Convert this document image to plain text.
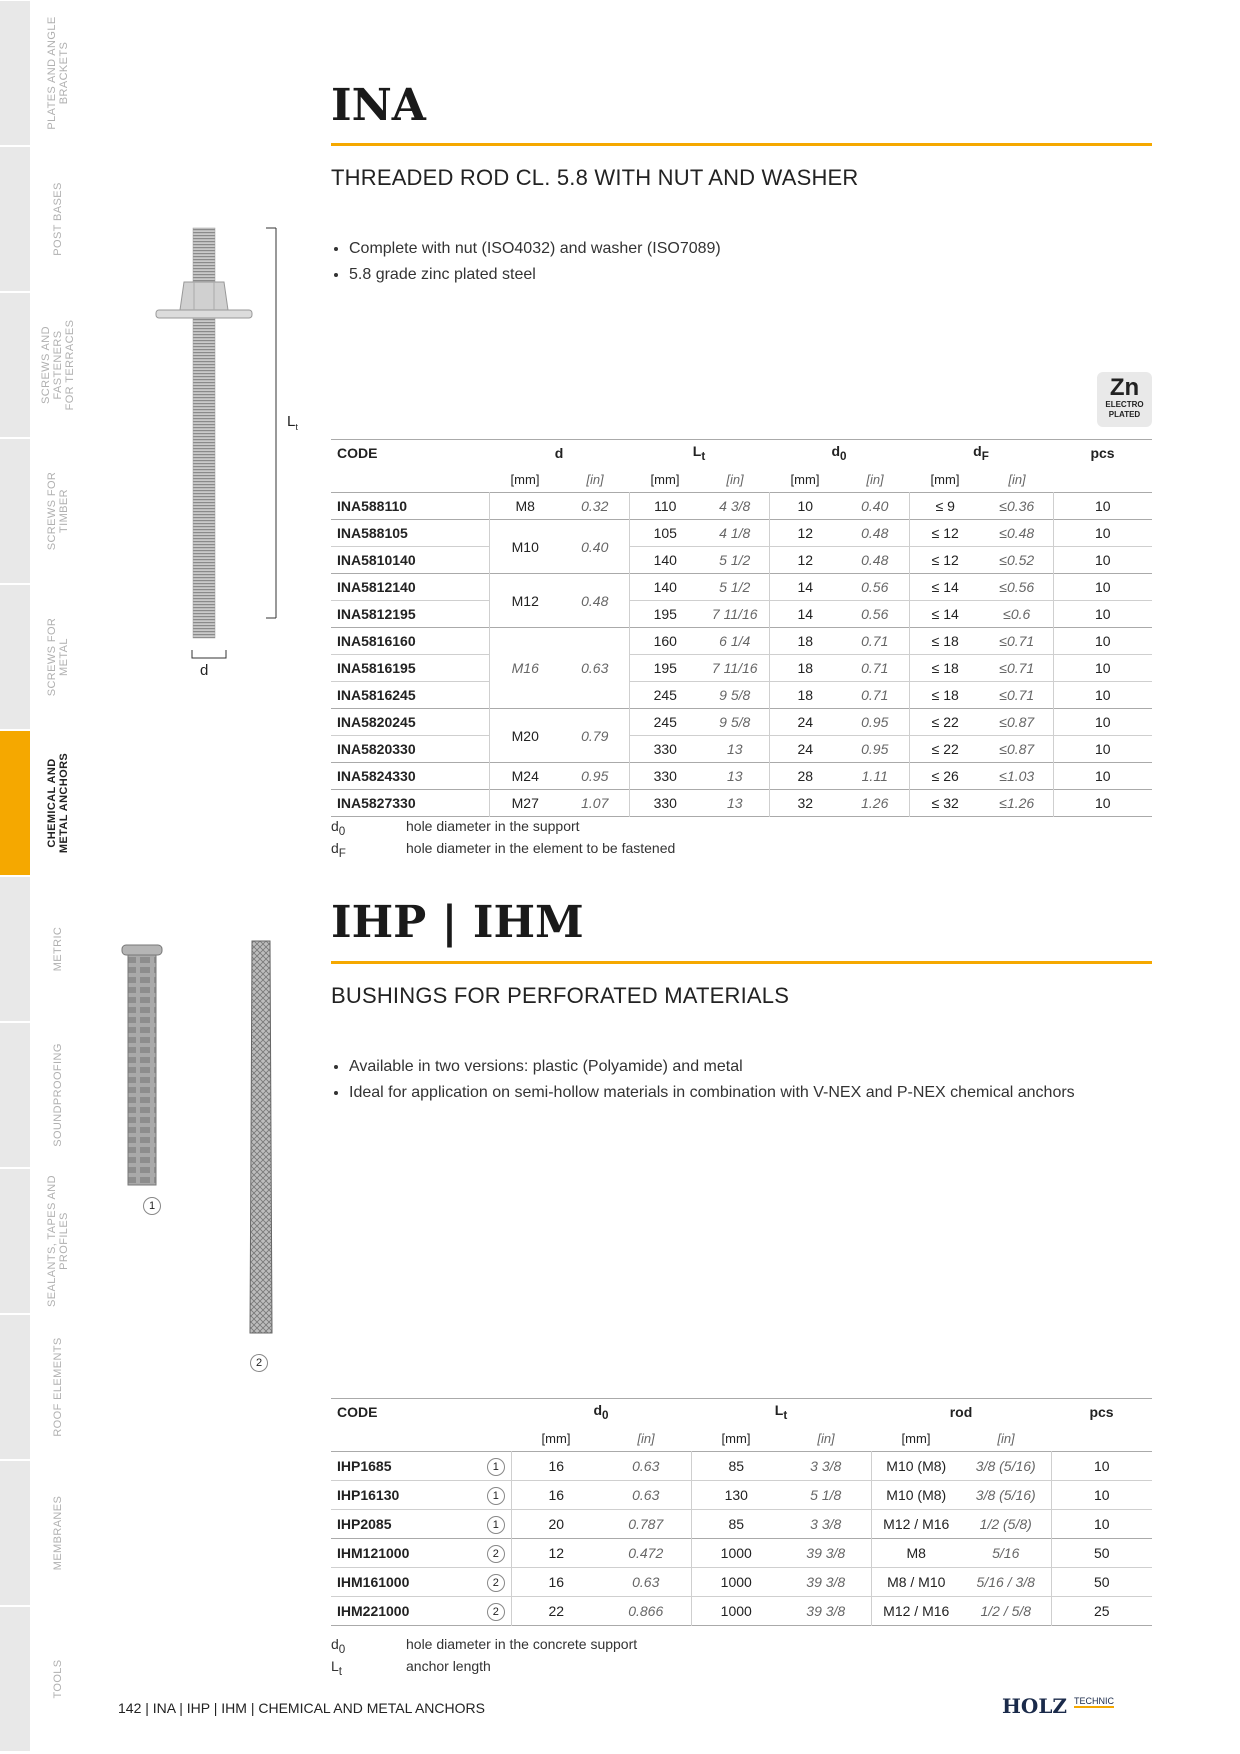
INA
THREADED ROD CL. 5.8 WITH NUT AND WASHER
• Complete with nut (ISO4032) and washer (ISO7089)
• 5.8 grade zinc plated steel
$L_t$
d
Zn
ELECTRO
PLATED
CODE	d		$L_t$		$d_0$		$d_F$		pcs
	[mm]	[in]	[mm]	[in]	[mm]	[in]	[mm]	[in]	
INA588110	M8	0.32	110	4 3/8	10	0.40	≤ 9	≤0.36	10
INA588105	M10	0.40	105	4 1/8	12	0.48	≤ 12	≤0.48	10
INA5810140			140	5 1/2	12	0.48	≤ 12	≤0.52	10
INA5812140	M12	0.48	140	5 1/2	14	0.56	≤ 14	≤0.56	10
INA5812195			195	7 11/16	14	0.56	≤ 14	≤0.6	10
INA5816160	M16	0.63	160	6 1/4	18	0.71	≤ 18	≤0.71	10
INA5816195			195	7 11/16	18	0.71	≤ 18	≤0.71	10
INA5816245			245	9 5/8	18	0.71	≤ 18	≤0.71	10
INA5820245	M20	0.79	245	9 5/8	24	0.95	≤ 22	≤0.87	10
INA5820330			330	13	24	0.95	≤ 22	≤0.87	10
INA5824330	M24	0.95	330	13	28	1.11	≤ 26	≤1.03	10
INA5827330	M27	1.07	330	13	32	1.26	≤ 32	≤1.26	10

$d_0$	hole diameter in the support
$d_F$	hole diameter in the element to be fastened
IHP | IHM
BUSHINGS FOR PERFORATED MATERIALS
• Available in two versions: plastic (Polyamide) and metal
• Ideal for application on semi-hollow materials in combination with V-NEX and P-NEX chemical anchors
1
2
CODE		$d_0$		$L_t$		rod		pcs
		[mm]	[in]	[mm]	[in]	[mm]	[in]	
IHP1685	1	16	0.63	85	3 3/8	M10 (M8)	3/8 (5/16)	10
IHP16130	1	16	0.63	130	5 1/8	M10 (M8)	3/8 (5/16)	10
IHP2085	1	20	0.787	85	3 3/8	M12 / M16	1/2 (5/8)	10
IHM121000	2	12	0.472	1000	39 3/8	M8	5/16	50
IHM161000	2	16	0.63	1000	39 3/8	M8 / M10	5/16 / 3/8	50
IHM221000	2	22	0.866	1000	39 3/8	M12 / M16	1/2 / 5/8	25

$d_0$	hole diameter in the concrete support
$L_t$	anchor length
142 | INA | IHP | IHM | CHEMICAL AND METAL ANCHORS	HOLZ $^{TECHNIC}$
PLATES AND ANGLE BRACKETS
POST BASES
SCREWS AND FASTENERS FOR TERRACES
SCREWS FOR TIMBER
SCREWS FOR METAL
CHEMICAL AND METAL ANCHORS
METRIC
SOUNDPROOFING
SEALANTS, TAPES AND PROFILES
ROOF ELEMENTS
MEMBRANES
TOOLS
